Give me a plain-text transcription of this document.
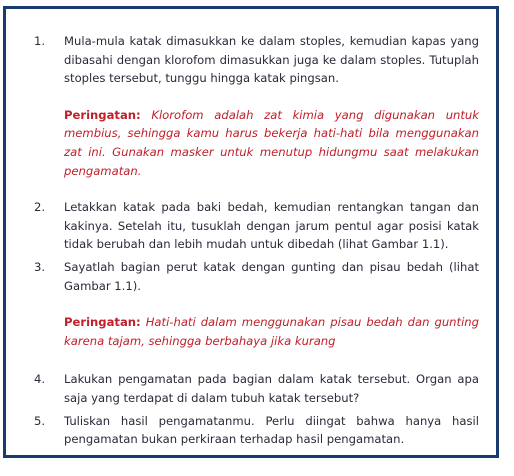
1.	Mula-mula katak dimasukkan ke dalam stoples, kemudian kapas yang dibasahi dengan klorofom dimasukkan juga ke dalam stoples. Tutuplah stoples tersebut, tunggu hingga katak pingsan.
Peringatan: Klorofom adalah zat kimia yang digunakan untuk membius, sehingga kamu harus bekerja hati-hati bila menggunakan zat ini. Gunakan masker untuk menutup hidungmu saat melakukan pengamatan.
2.	Letakkan katak pada baki bedah, kemudian rentangkan tangan dan kakinya. Setelah itu, tusuklah dengan jarum pentul agar posisi katak tidak berubah dan lebih mudah untuk dibedah (lihat Gambar 1.1).
3.	Sayatlah bagian perut katak dengan gunting dan pisau bedah (lihat Gambar 1.1).
Peringatan: Hati-hati dalam menggunakan pisau bedah dan gunting karena tajam, sehingga berbahaya jika kurang
4.	Lakukan pengamatan pada bagian dalam katak tersebut. Organ apa saja yang terdapat di dalam tubuh katak tersebut?
5.	Tuliskan hasil pengamatanmu. Perlu diingat bahwa hanya hasil pengamatan bukan perkiraan terhadap hasil pengamatan.
